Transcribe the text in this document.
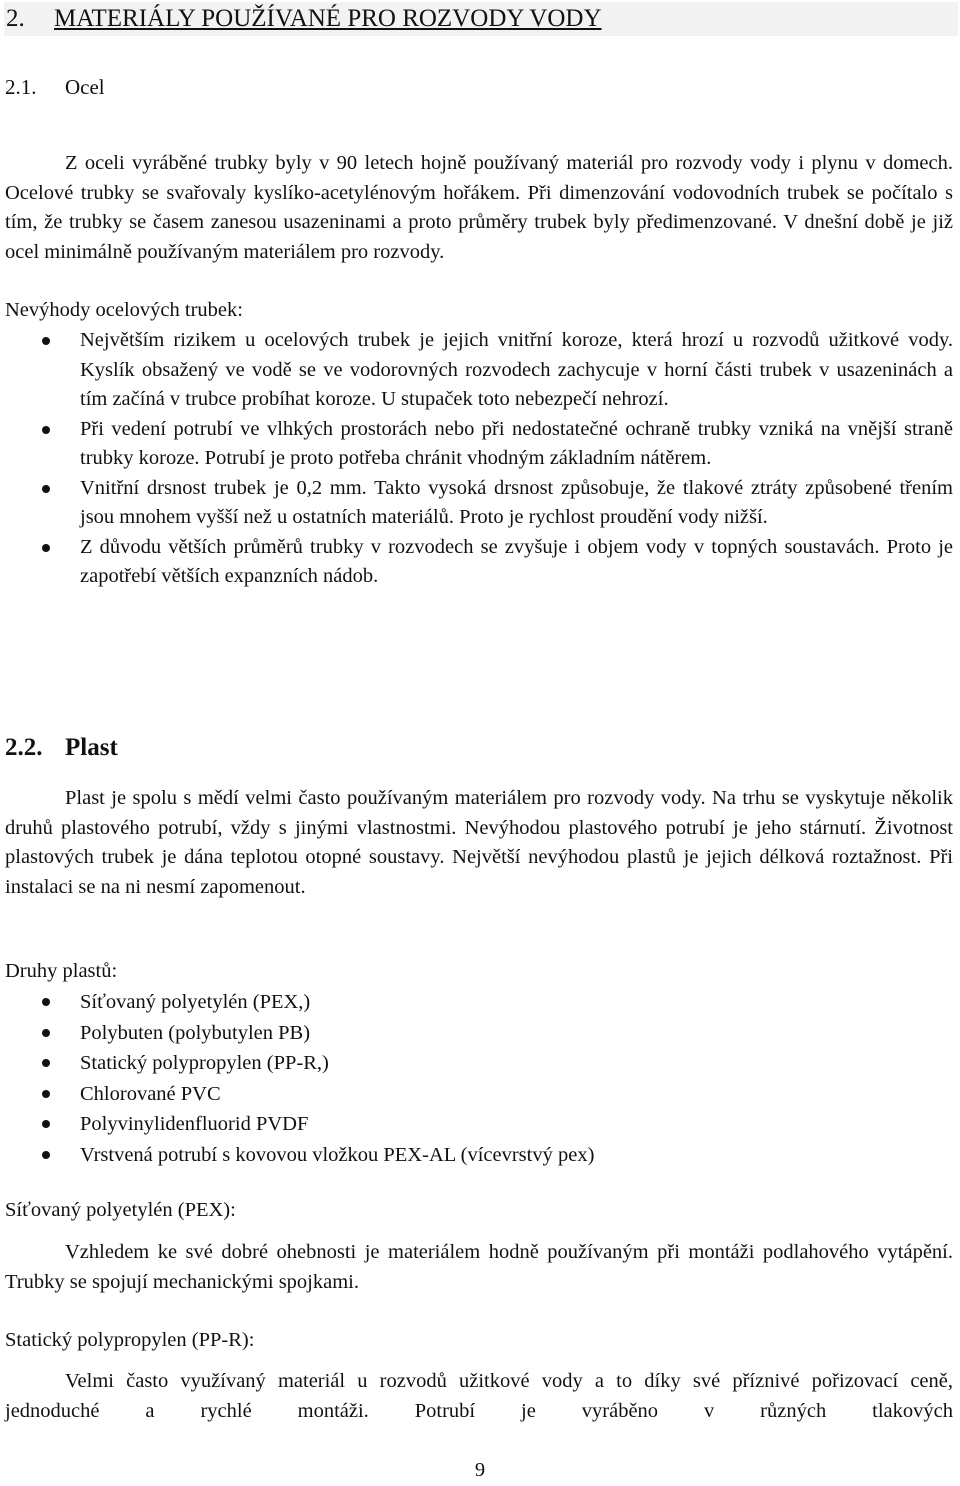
2. MATERIÁLY POUŽÍVANÉ PRO ROZVODY VODY
2.1. Ocel

Z oceli vyráběné trubky byly v 90 letech hojně používaný materiál pro rozvody vody i plynu v domech. Ocelové trubky se svařovaly kyslíko-acetylénovým hořákem. Při dimenzování vodovodních trubek se počítalo s tím, že trubky se časem zanesou usazeninami a proto průměry trubek byly předimenzované. V dnešní době je již ocel minimálně používaným materiálem pro rozvody.

Nevýhody ocelových trubek:
Největším rizikem u ocelových trubek je jejich vnitřní koroze, která hrozí u rozvodů užitkové vody. Kyslík obsažený ve vodě se ve vodorovných rozvodech zachycuje v horní části trubek v usazeninách a tím začíná v trubce probíhat koroze. U stupaček toto nebezpečí nehrozí.
Při vedení potrubí ve vlhkých prostorách nebo při nedostatečné ochraně trubky vzniká na vnější straně trubky koroze. Potrubí je proto potřeba chránit vhodným základním nátěrem.
Vnitřní drsnost trubek je 0,2 mm. Takto vysoká drsnost způsobuje, že tlakové ztráty způsobené třením jsou mnohem vyšší než u ostatních materiálů. Proto je rychlost proudění vody nižší.
Z důvodu větších průměrů trubky v rozvodech se zvyšuje i objem vody v topných soustavách. Proto je zapotřebí větších expanzních nádob.
2.2. Plast

Plast je spolu s mědí velmi často používaným materiálem pro rozvody vody. Na trhu se vyskytuje několik druhů plastového potrubí, vždy s jinými vlastnostmi. Nevýhodou plastového potrubí je jeho stárnutí. Životnost plastových trubek je dána teplotou otopné soustavy. Největší nevýhodou plastů je jejich délková roztažnost. Při instalaci se na ni nesmí zapomenout.

Druhy plastů:
Síťovaný polyetylén (PEX,)
Polybuten (polybutylen PB)
Statický polypropylen (PP-R,)
Chlorované PVC
Polyvinylidenfluorid PVDF
Vrstvená potrubí s kovovou vložkou PEX-AL (vícevrstvý pex)
Síťovaný polyetylén (PEX):

Vzhledem ke své dobré ohebnosti je materiálem hodně používaným při montáži podlahového vytápění. Trubky se spojují mechanickými spojkami.

Statický polypropylen (PP-R):

Velmi často využívaný materiál u rozvodů užitkové vody a to díky své příznivé pořizovací ceně, jednoduché a rychlé montáži. Potrubí je vyráběno v různých tlakových

9
